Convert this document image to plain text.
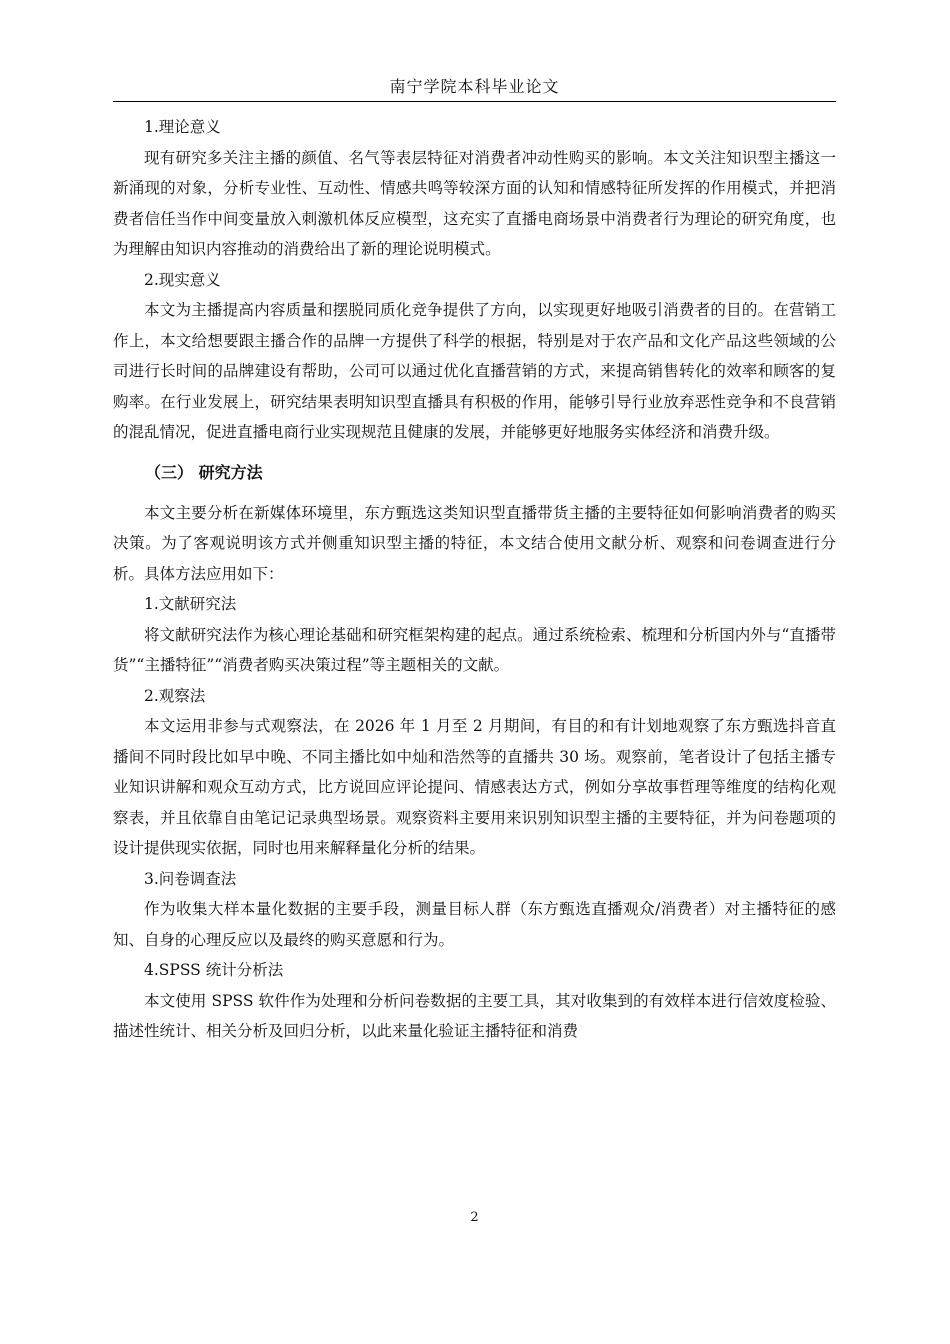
南宁学院本科毕业论文

1.理论意义

现有研究多关注主播的颜值、名气等表层特征对消费者冲动性购买的影响。本文关注知识型主播这一新涌现的对象，分析专业性、互动性、情感共鸣等较深方面的认知和情感特征所发挥的作用模式，并把消费者信任当作中间变量放入刺激机体反应模型，这充实了直播电商场景中消费者行为理论的研究角度，也为理解由知识内容推动的消费给出了新的理论说明模式。

2.现实意义

本文为主播提高内容质量和摆脱同质化竞争提供了方向，以实现更好地吸引消费者的目的。在营销工作上，本文给想要跟主播合作的品牌一方提供了科学的根据，特别是对于农产品和文化产品这些领域的公司进行长时间的品牌建设有帮助，公司可以通过优化直播营销的方式，来提高销售转化的效率和顾客的复购率。在行业发展上，研究结果表明知识型直播具有积极的作用，能够引导行业放弃恶性竞争和不良营销的混乱情况，促进直播电商行业实现规范且健康的发展，并能够更好地服务实体经济和消费升级。

（三） 研究方法

本文主要分析在新媒体环境里，东方甄选这类知识型直播带货主播的主要特征如何影响消费者的购买决策。为了客观说明该方式并侧重知识型主播的特征，本文结合使用文献分析、观察和问卷调查进行分析。具体方法应用如下：

1.文献研究法

将文献研究法作为核心理论基础和研究框架构建的起点。通过系统检索、梳理和分析国内外与“直播带货”“主播特征”“消费者购买决策过程”等主题相关的文献。

2.观察法

本文运用非参与式观察法，在 2026 年 1 月至 2 月期间，有目的和有计划地观察了东方甄选抖音直播间不同时段比如早中晚、不同主播比如中灿和浩然等的直播共 30 场。观察前，笔者设计了包括主播专业知识讲解和观众互动方式，比方说回应评论提问、情感表达方式，例如分享故事哲理等维度的结构化观察表，并且依靠自由笔记记录典型场景。观察资料主要用来识别知识型主播的主要特征，并为问卷题项的设计提供现实依据，同时也用来解释量化分析的结果。

3.问卷调查法

作为收集大样本量化数据的主要手段，测量目标人群（东方甄选直播观众/消费者）对主播特征的感知、自身的心理反应以及最终的购买意愿和行为。

4.SPSS 统计分析法

本文使用 SPSS 软件作为处理和分析问卷数据的主要工具，其对收集到的有效样本进行信效度检验、描述性统计、相关分析及回归分析，以此来量化验证主播特征和消费

2
